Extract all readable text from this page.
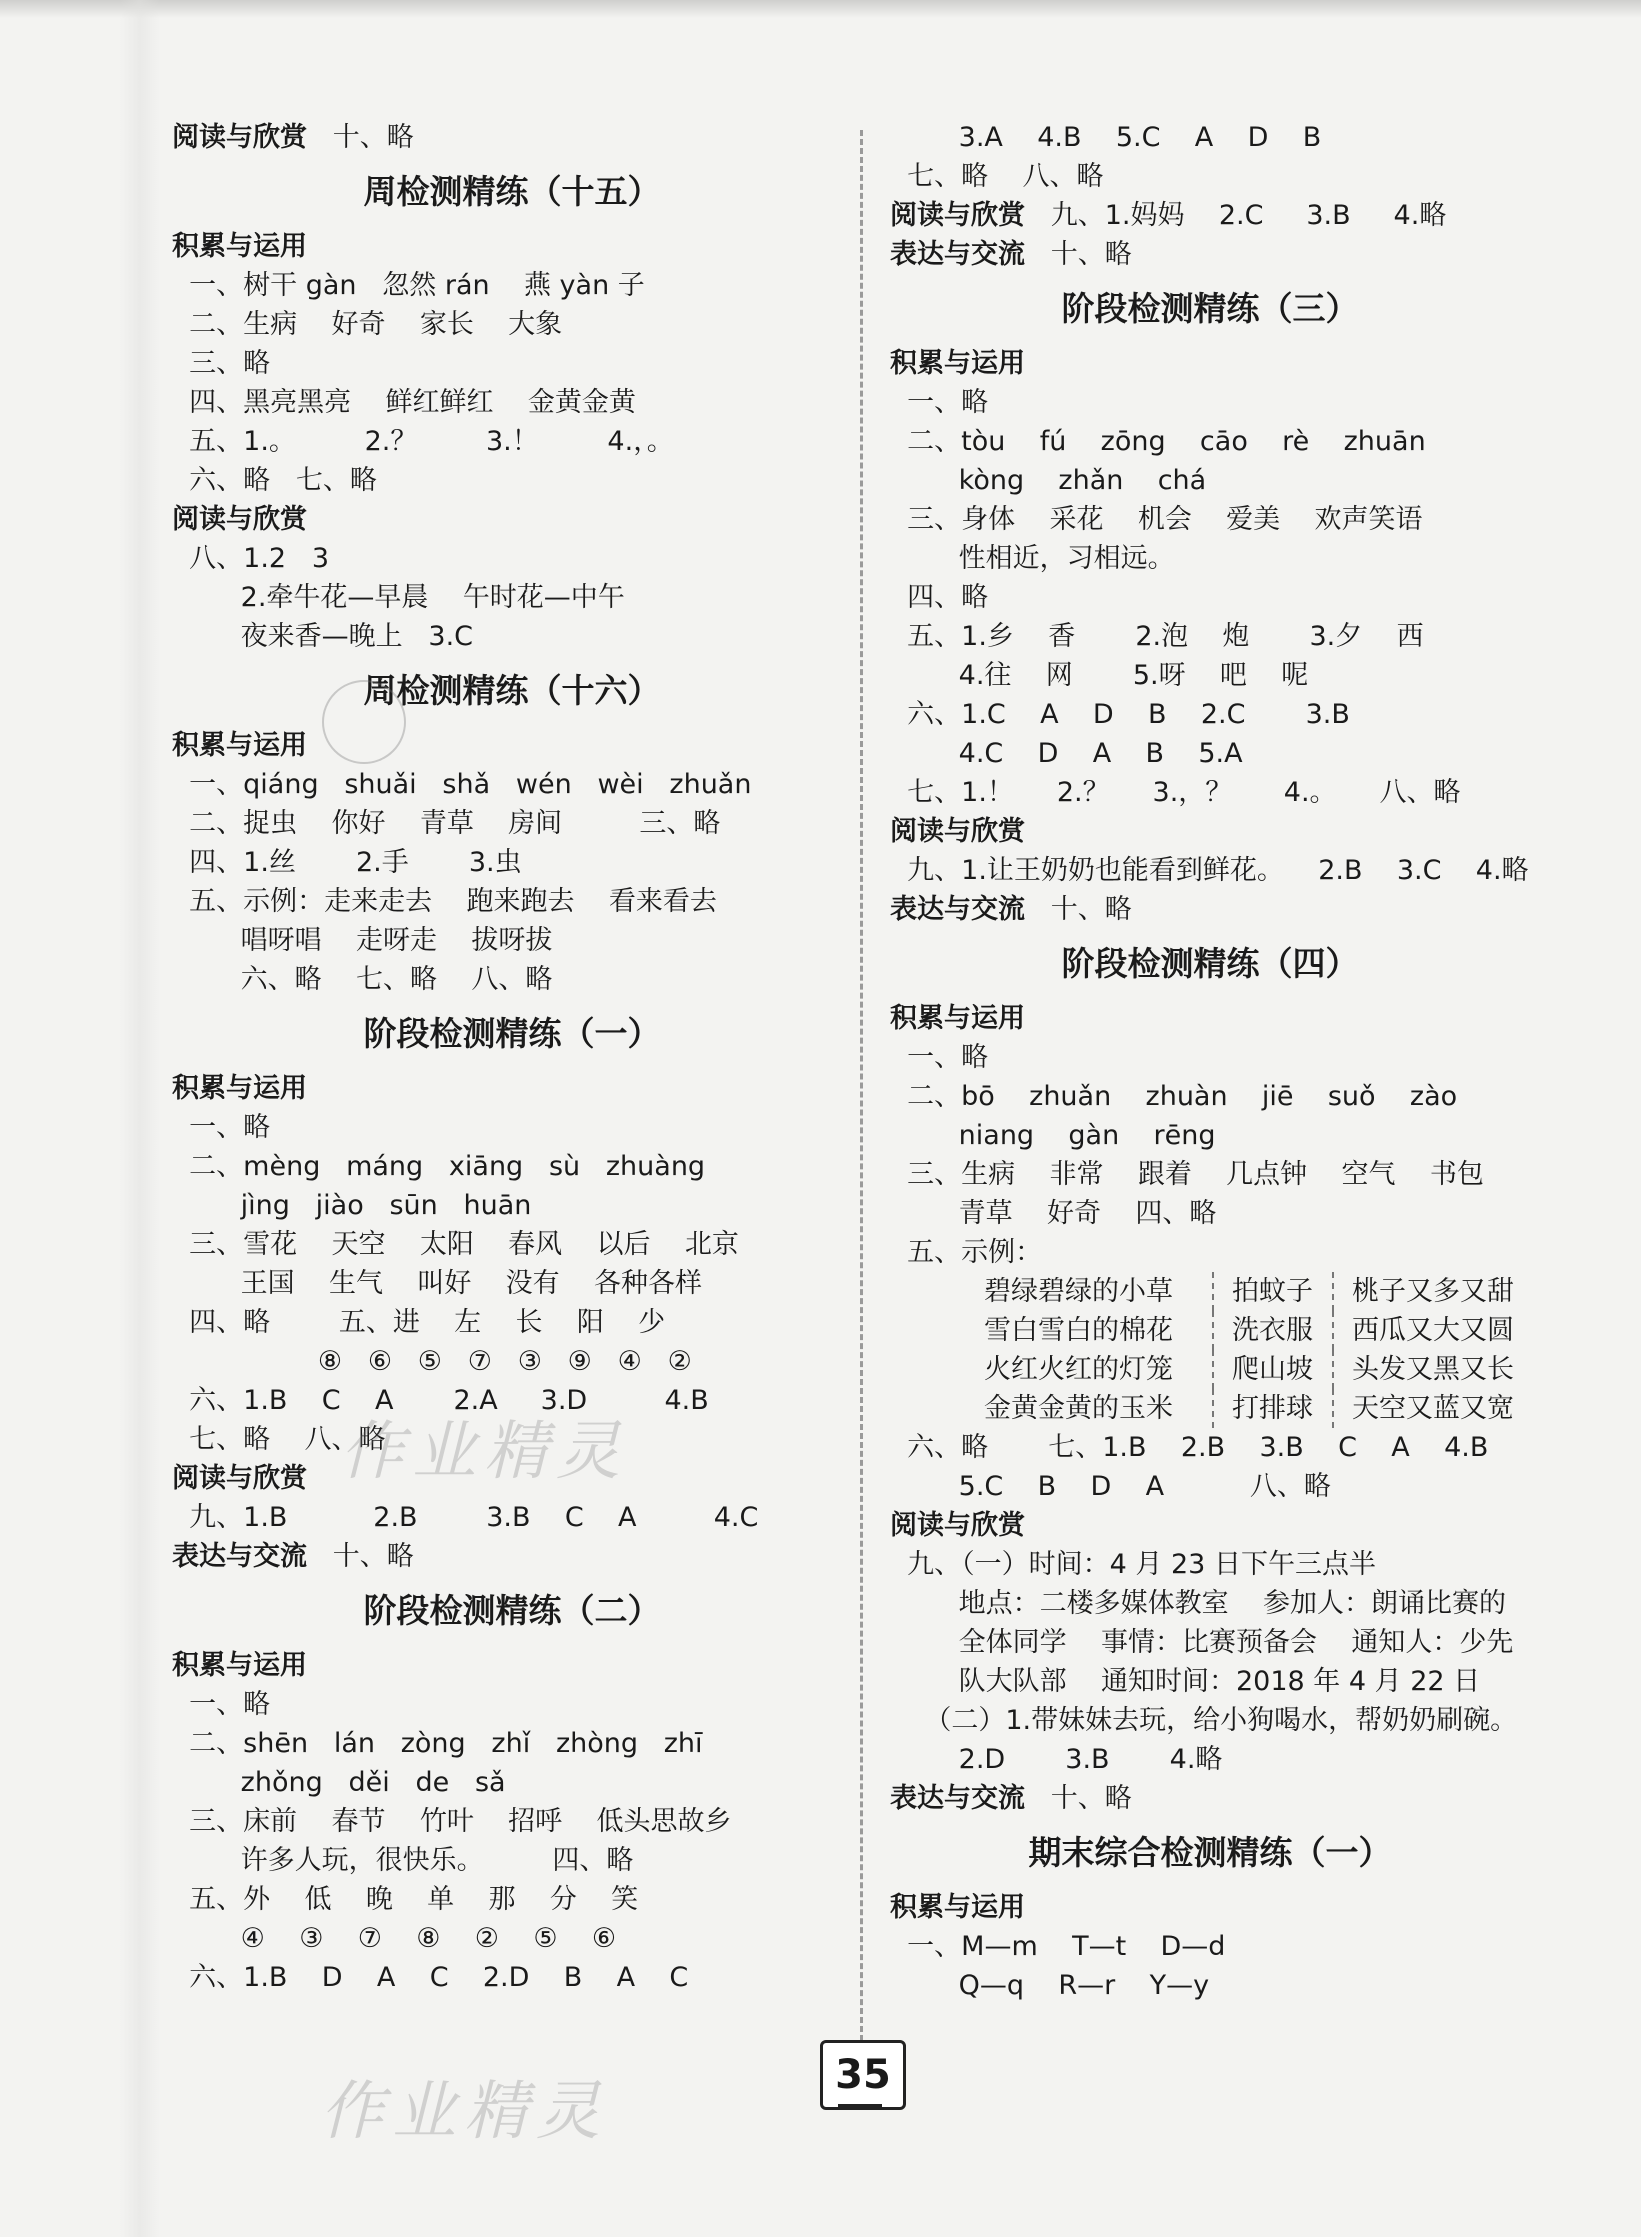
阅读与欣赏   十、略
周检测精练（十五）
积累与运用
一、树干 gàn   忽然 rán    燕 yàn 子
二、生病    好奇    家长    大象
三、略
四、黑亮黑亮    鲜红鲜红    金黄金黄
五、1.。        2.？        3.！        4.，。
六、略   七、略
阅读与欣赏
八、1.2   3
2.牵牛花—早晨    午时花—中午
夜来香—晚上   3.C
周检测精练（十六）
积累与运用
一、qiáng   shuǎi   shǎ   wén   wèi   zhuǎn
二、捉虫    你好    青草    房间         三、略
四、1.丝       2.手       3.虫
五、示例：走来走去    跑来跑去    看来看去
唱呀唱    走呀走    拔呀拔
六、略    七、略    八、略
阶段检测精练（一）
积累与运用
一、略
二、mèng   máng   xiāng   sù   zhuàng
jìng   jiào   sūn   huān
三、雪花    天空    太阳    春风    以后    北京
王国    生气    叫好    没有    各种各样
四、略        五、进    左    长    阳    少
⑧   ⑥   ⑤   ⑦   ③   ⑨   ④   ②
六、1.B    C    A       2.A     3.D         4.B
七、略    八、略
阅读与欣赏
九、1.B          2.B        3.B    C    A         4.C
表达与交流   十、略
阶段检测精练（二）
积累与运用
一、略
二、shēn   lán   zòng   zhǐ   zhòng   zhī
zhǒng   děi   de   sǎ
三、床前    春节    竹叶    招呼    低头思故乡
许多人玩，很快乐。        四、略
五、外    低    晚    单    那    分    笑
④    ③    ⑦    ⑧    ②    ⑤    ⑥
六、1.B    D    A    C    2.D    B    A    C
3.A    4.B    5.C    A    D    B
七、略    八、略
阅读与欣赏   九、1.妈妈    2.C     3.B     4.略
表达与交流   十、略
阶段检测精练（三）
积累与运用
一、略
二、tòu    fú    zōng    cāo    rè    zhuān
kòng    zhǎn    chá
三、身体    采花    机会    爱美    欢声笑语
性相近，习相远。
四、略
五、1.乡    香       2.泡    炮       3.夕    西
4.往    网       5.呀    吧    呢
六、1.C    A    D    B    2.C       3.B
4.C    D    A    B    5.A
七、1.！     2.？     3.，？      4.。     八、略
阅读与欣赏
九、1.让王奶奶也能看到鲜花。    2.B    3.C    4.略
表达与交流   十、略
阶段检测精练（四）
积累与运用
一、略
二、bō    zhuǎn    zhuàn    jiē    suǒ    zào
niang    gàn    rēng
三、生病    非常    跟着    几点钟    空气    书包
青草    好奇    四、略
五、示例：
碧绿碧绿的小草	拍蚊子	桃子又多又甜
雪白雪白的棉花	洗衣服	西瓜又大又圆
火红火红的灯笼	爬山坡	头发又黑又长
金黄金黄的玉米	打排球	天空又蓝又宽
六、略       七、1.B    2.B    3.B    C    A    4.B
5.C    B    D    A          八、略
阅读与欣赏
九、（一）时间：4 月 23 日下午三点半
地点：二楼多媒体教室    参加人：朗诵比赛的
全体同学    事情：比赛预备会    通知人：少先
队大队部    通知时间：2018 年 4 月 22 日
（二）1.带妹妹去玩，给小狗喝水，帮奶奶刷碗。
2.D       3.B       4.略
表达与交流   十、略
期末综合检测精练（一）
积累与运用
一、M—m    T—t    D—d
Q—q    R—r    Y—y
作业精灵
作业精灵	35
